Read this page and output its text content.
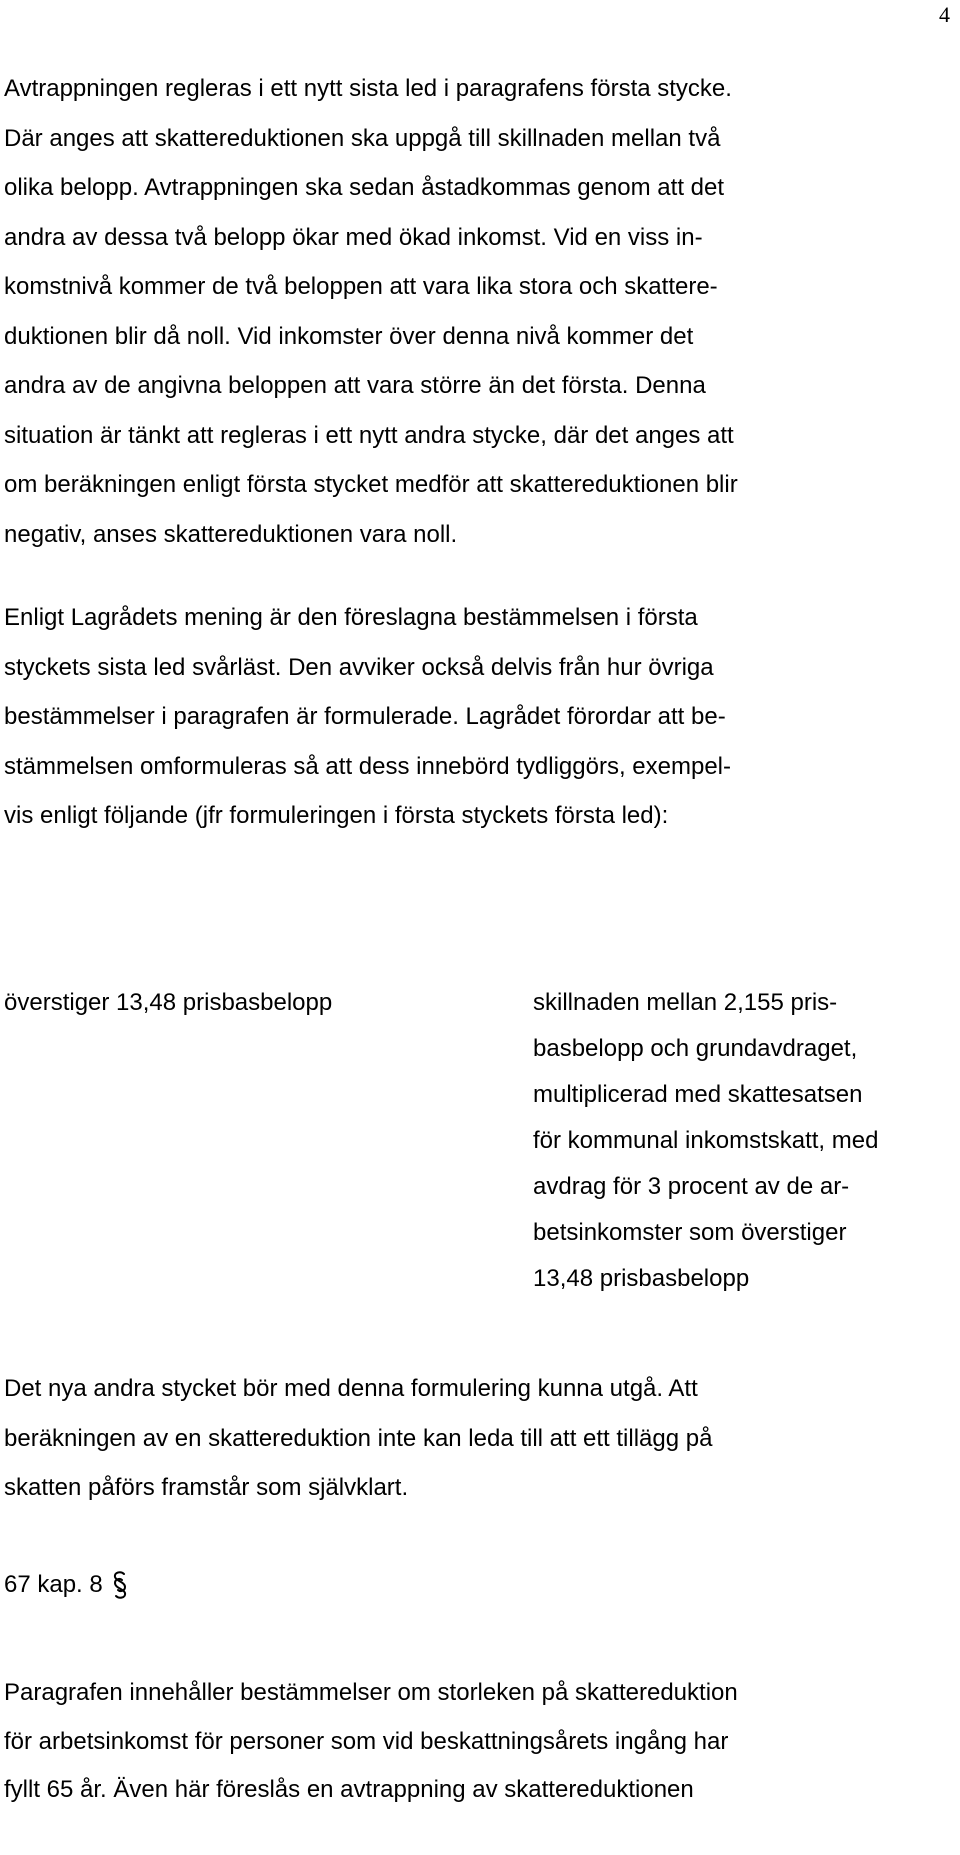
4
Avtrappningen regleras i ett nytt sista led i paragrafens första stycke.
Där anges att skattereduktionen ska uppgå till skillnaden mellan två
olika belopp. Avtrappningen ska sedan åstadkommas genom att det
andra av dessa två belopp ökar med ökad inkomst. Vid en viss in-
komstnivå kommer de två beloppen att vara lika stora och skattere-
duktionen blir då noll. Vid inkomster över denna nivå kommer det
andra av de angivna beloppen att vara större än det första. Denna
situation är tänkt att regleras i ett nytt andra stycke, där det anges att
om beräkningen enligt första stycket medför att skattereduktionen blir
negativ, anses skattereduktionen vara noll.
Enligt Lagrådets mening är den föreslagna bestämmelsen i första
styckets sista led svårläst. Den avviker också delvis från hur övriga
bestämmelser i paragrafen är formulerade. Lagrådet förordar att be-
stämmelsen omformuleras så att dess innebörd tydliggörs, exempel-
vis enligt följande (jfr formuleringen i första styckets första led):
överstiger 13,48 prisbasbelopp	skillnaden mellan 2,155 pris-
basbelopp och grundavdraget,
multiplicerad med skattesatsen
för kommunal inkomstskatt, med
avdrag för 3 procent av de ar-
betsinkomster som överstiger
13,48 prisbasbelopp
Det nya andra stycket bör med denna formulering kunna utgå. Att
beräkningen av en skattereduktion inte kan leda till att ett tillägg på
skatten påförs framstår som självklart.
67 kap. 8
Paragrafen innehåller bestämmelser om storleken på skattereduktion
för arbetsinkomst för personer som vid beskattningsårets ingång har
fyllt 65 år. Även här föreslås en avtrappning av skattereduktionen
